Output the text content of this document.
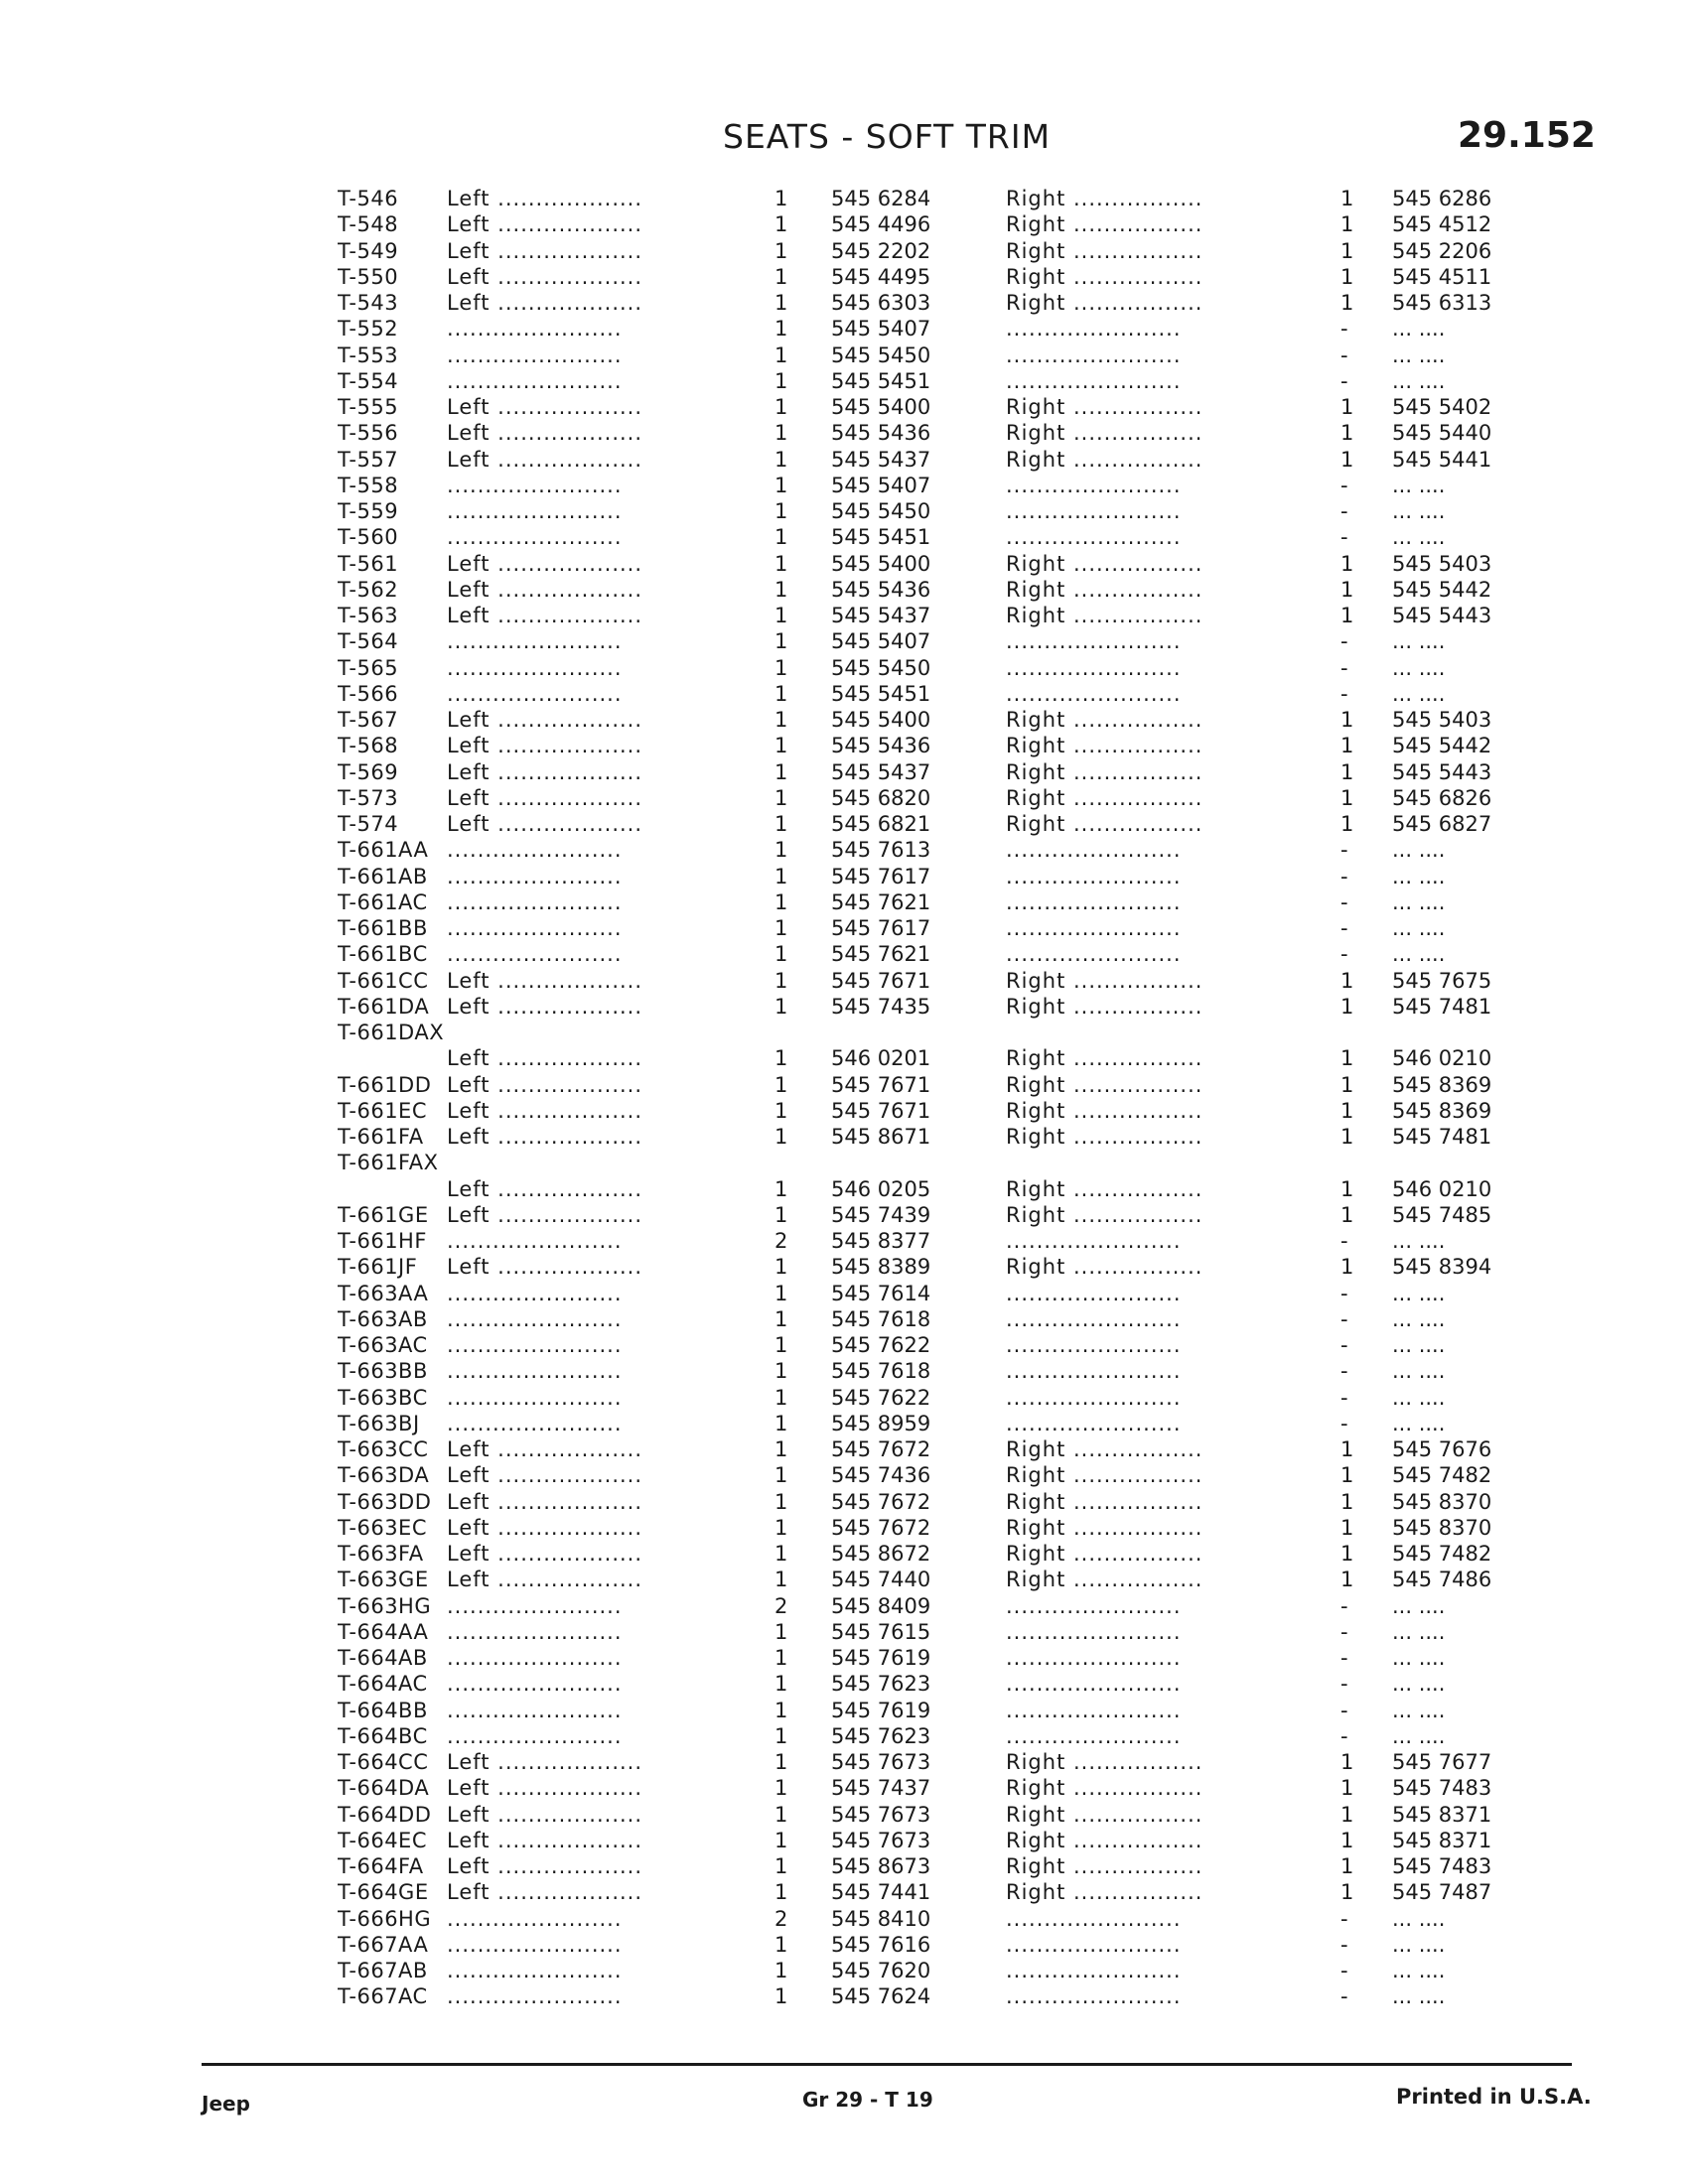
SEATS - SOFT TRIM	29.152
T-546	Left ...................	1	545 6284	Right .................	1	545 6286
T-548	Left ...................	1	545 4496	Right .................	1	545 4512
T-549	Left ...................	1	545 2202	Right .................	1	545 2206
T-550	Left ...................	1	545 4495	Right .................	1	545 4511
T-543	Left ...................	1	545 6303	Right .................	1	545 6313
T-552	.......................	1	545 5407	.......................	-	... ....
T-553	.......................	1	545 5450	.......................	-	... ....
T-554	.......................	1	545 5451	.......................	-	... ....
T-555	Left ...................	1	545 5400	Right .................	1	545 5402
T-556	Left ...................	1	545 5436	Right .................	1	545 5440
T-557	Left ...................	1	545 5437	Right .................	1	545 5441
T-558	.......................	1	545 5407	.......................	-	... ....
T-559	.......................	1	545 5450	.......................	-	... ....
T-560	.......................	1	545 5451	.......................	-	... ....
T-561	Left ...................	1	545 5400	Right .................	1	545 5403
T-562	Left ...................	1	545 5436	Right .................	1	545 5442
T-563	Left ...................	1	545 5437	Right .................	1	545 5443
T-564	.......................	1	545 5407	.......................	-	... ....
T-565	.......................	1	545 5450	.......................	-	... ....
T-566	.......................	1	545 5451	.......................	-	... ....
T-567	Left ...................	1	545 5400	Right .................	1	545 5403
T-568	Left ...................	1	545 5436	Right .................	1	545 5442
T-569	Left ...................	1	545 5437	Right .................	1	545 5443
T-573	Left ...................	1	545 6820	Right .................	1	545 6826
T-574	Left ...................	1	545 6821	Right .................	1	545 6827
T-661AA .......................	1	545 7613	.......................	-	... ....
T-661AB .......................	1	545 7617	.......................	-	... ....
T-661AC .......................	1	545 7621	.......................	-	... ....
T-661BB .......................	1	545 7617	.......................	-	... ....
T-661BC .......................	1	545 7621	.......................	-	... ....
T-661CC Left ...................	1	545 7671	Right .................	1	545 7675
T-661DA Left ...................	1	545 7435	Right .................	1	545 7481
T-661DAX
Left ...................	1	546 0201	Right .................	1	546 0210
T-661DD Left ...................	1	545 7671	Right .................	1	545 8369
T-661EC Left ...................	1	545 7671	Right .................	1	545 8369
T-661FA	Left ...................	1	545 8671	Right .................	1	545 7481
T-661FAX
Left ...................	1	546 0205	Right .................	1	546 0210
T-661GE Left ...................	1	545 7439	Right .................	1	545 7485
T-661HF .......................	2	545 8377	.......................	-	... ....
T-661JF	Left ...................	1	545 8389	Right .................	1	545 8394
T-663AA .......................	1	545 7614	.......................	-	... ....
T-663AB .......................	1	545 7618	.......................	-	... ....
T-663AC .......................	1	545 7622	.......................	-	... ....
T-663BB .......................	1	545 7618	.......................	-	... ....
T-663BC .......................	1	545 7622	.......................	-	... ....
T-663BJ	.......................	1	545 8959	.......................	-	... ....
T-663CC Left ...................	1	545 7672	Right .................	1	545 7676
T-663DA Left ...................	1	545 7436	Right .................	1	545 7482
T-663DD Left ...................	1	545 7672	Right .................	1	545 8370
T-663EC Left ...................	1	545 7672	Right .................	1	545 8370
T-663FA	Left ...................	1	545 8672	Right .................	1	545 7482
T-663GE Left ...................	1	545 7440	Right .................	1	545 7486
T-663HG .......................	2	545 8409	.......................	-	... ....
T-664AA .......................	1	545 7615	.......................	-	... ....
T-664AB .......................	1	545 7619	.......................	-	... ....
T-664AC .......................	1	545 7623	.......................	-	... ....
T-664BB .......................	1	545 7619	.......................	-	... ....
T-664BC .......................	1	545 7623	.......................	-	... ....
T-664CC Left ...................	1	545 7673	Right .................	1	545 7677
T-664DA Left ...................	1	545 7437	Right .................	1	545 7483
T-664DD Left ...................	1	545 7673	Right .................	1	545 8371
T-664EC Left ...................	1	545 7673	Right .................	1	545 8371
T-664FA	Left ...................	1	545 8673	Right .................	1	545 7483
T-664GE Left ...................	1	545 7441	Right .................	1	545 7487
T-666HG .......................	2	545 8410	.......................	-	... ....
T-667AA .......................	1	545 7616	.......................	-	... ....
T-667AB .......................	1	545 7620	.......................	-	... ....
T-667AC .......................	1	545 7624	.......................	-	... ....
Jeep	Gr 29 - T 19	Printed in U.S.A.
